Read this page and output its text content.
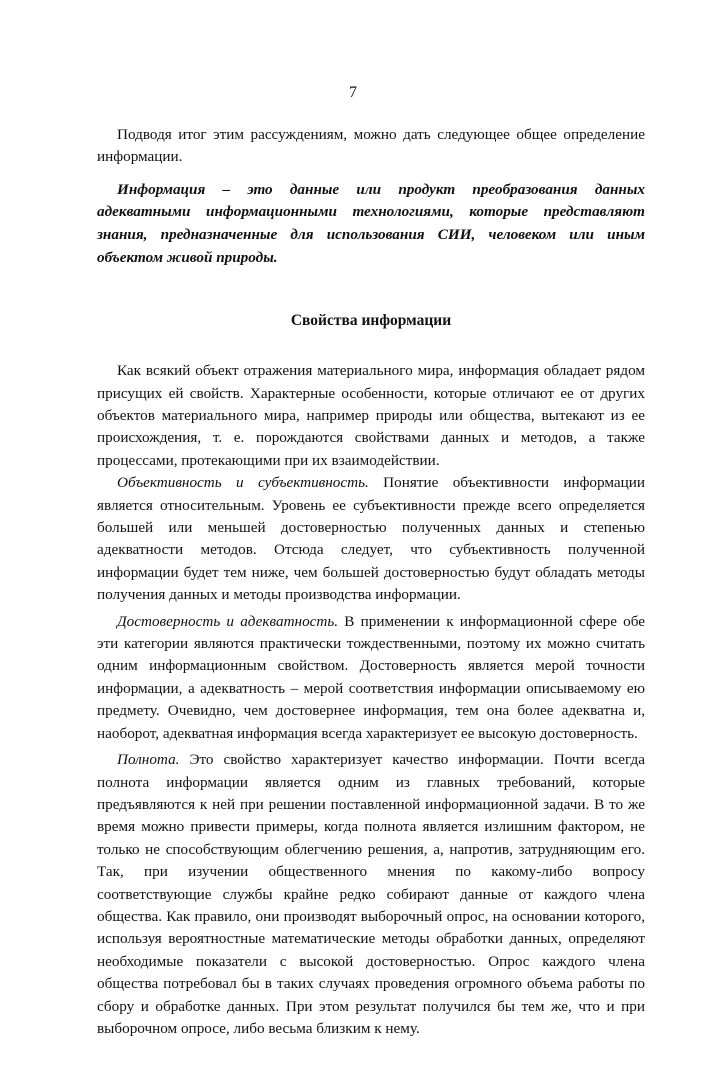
7

Подводя итог этим рассуждениям, можно дать следующее общее определение информации.

Информация – это данные или продукт преобразования данных адекватными информационными технологиями, которые представляют знания, предназначенные для использования СИИ, человеком или иным объектом живой природы.

Свойства информации

Как всякий объект отражения материального мира, информация обладает рядом присущих ей свойств. Характерные особенности, которые отличают ее от других объектов материального мира, например природы или общества, вытекают из ее происхождения, т. е. порождаются свойствами данных и методов, а также процессами, протекающими при их взаимодействии.

Объективность и субъективность. Понятие объективности информации является относительным. Уровень ее субъективности прежде всего определяется большей или меньшей достоверностью полученных данных и степенью адекватности методов. Отсюда следует, что субъективность полученной информации будет тем ниже, чем большей достоверностью будут обладать методы получения данных и методы производства информации.

Достоверность и адекватность. В применении к информационной сфере обе эти категории являются практически тождественными, поэтому их можно считать одним информационным свойством. Достоверность является мерой точности информации, а адекватность – мерой соответствия информации описываемому ею предмету. Очевидно, чем достовернее информация, тем она более адекватна и, наоборот, адекватная информация всегда характеризует ее высокую достоверность.

Полнота. Это свойство характеризует качество информации. Почти всегда полнота информации является одним из главных требований, которые предъявляются к ней при решении поставленной информационной задачи. В то же время можно привести примеры, когда полнота является излишним фактором, не только не способствующим облегчению решения, а, напротив, затрудняющим его. Так, при изучении общественного мнения по какому-либо вопросу соответствующие службы крайне редко собирают данные от каждого члена общества. Как правило, они производят выборочный опрос, на основании которого, используя вероятностные математические методы обработки данных, определяют необходимые показатели с высокой достоверностью. Опрос каждого члена общества потребовал бы в таких случаях проведения огромного объема работы по сбору и обработке данных. При этом результат получился бы тем же, что и при выборочном опросе, либо весьма близким к нему.
